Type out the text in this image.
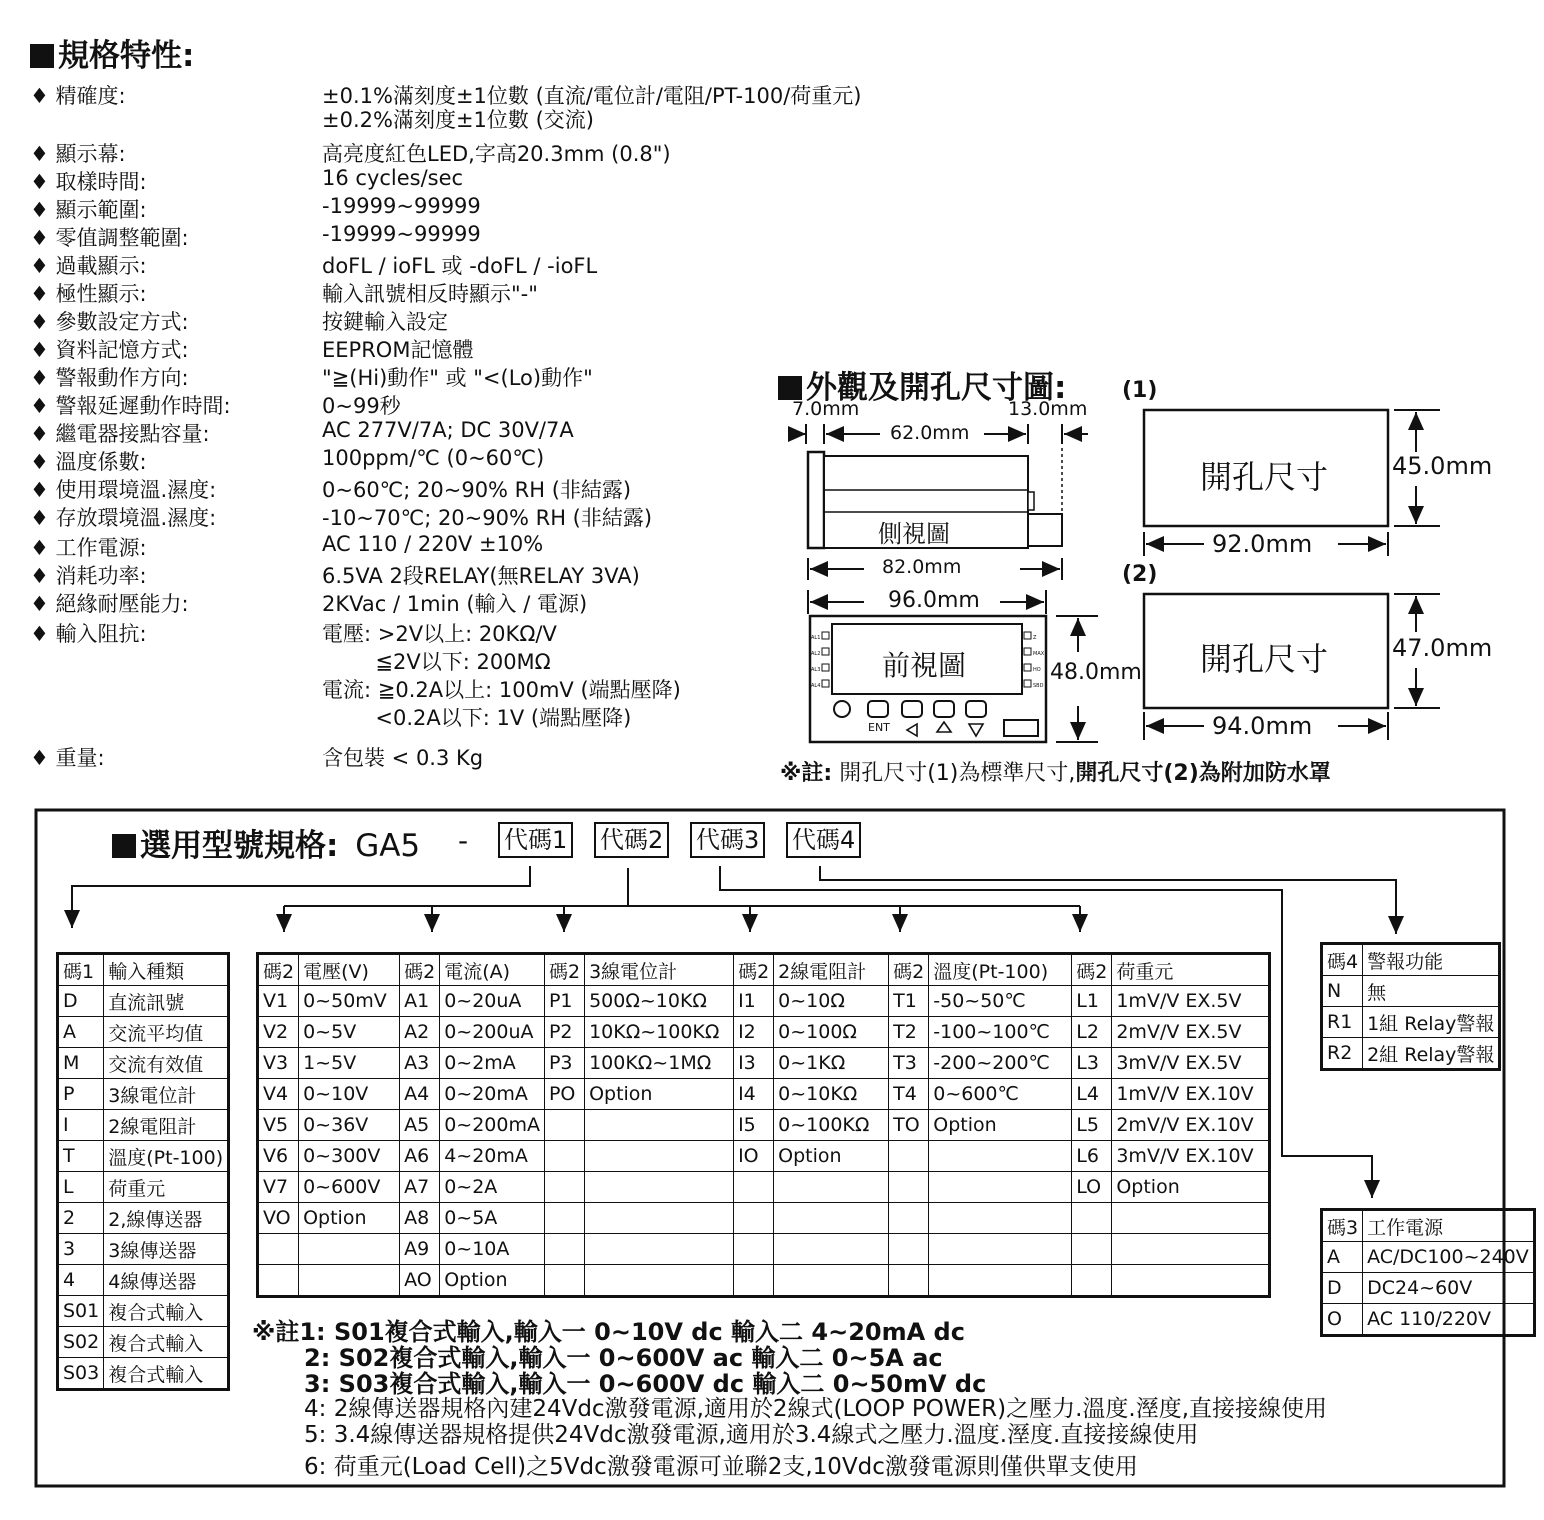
規格特性:
♦ 精確度:	±0.1%滿刻度±1位數 (直流/電位計/電阻/PT-100/荷重元)
±0.2%滿刻度±1位數 (交流)
♦ 顯示幕:	高亮度紅色LED,字高20.3mm (0.8")
♦ 取樣時間:	16 cycles/sec
♦ 顯示範圍:	-19999~99999
♦ 零值調整範圍:	-19999~99999
♦ 過載顯示:	doFL / ioFL 或 -doFL / -ioFL
♦ 極性顯示:	輸入訊號相反時顯示"-"
♦ 參數設定方式:	按鍵輸入設定
♦ 資料記憶方式:	EEPROM記憶體
♦ 警報動作方向:	"≧(Hi)動作" 或 "<(Lo)動作"
♦ 警報延遲動作時間:	0~99秒
♦ 繼電器接點容量:	AC 277V/7A; DC 30V/7A
♦ 溫度係數:	100ppm/℃ (0~60℃)
♦ 使用環境溫.濕度:	0~60℃; 20~90% RH (非結露)
♦ 存放環境溫.濕度:	-10~70℃; 20~90% RH (非結露)
♦ 工作電源:	AC 110 / 220V ±10%
♦ 消耗功率:	6.5VA 2段RELAY(無RELAY 3VA)
♦ 絕緣耐壓能力:	2KVac / 1min (輸入 / 電源)
♦ 輸入阻抗:	電壓: >2V以上: 20KΩ/V
≦2V以下: 200MΩ
電流: ≧0.2A以上: 100mV (端點壓降)
<0.2A以下: 1V (端點壓降)
♦ 重量:	含包裝 < 0.3 Kg
外觀及開孔尺寸圖:
7.0mm	13.0mm
62.0mm
側視圖
82.0mm
96.0mm
前視圖	48.0mm
AL1
AL2
AL3
AL4
Z
MAX
HO
SBD
ENT
(1)
(2)
開孔尺寸
開孔尺寸
45.0mm
47.0mm
92.0mm
94.0mm
※註: 開孔尺寸(1)為標準尺寸,開孔尺寸(2)為附加防水罩
選用型號規格: GA5 - 代碼1 代碼2 代碼3 代碼4
碼1	輸入種類
D	直流訊號
A	交流平均值
M	交流有效值
P	3線電位計
I	2線電阻計
T	溫度(Pt-100)
L	荷重元
2	2,線傳送器
3	3線傳送器
4	4線傳送器
S01	複合式輸入
S02	複合式輸入
S03	複合式輸入
碼2	電壓(V)	碼2	電流(A)	碼2	3線電位計	碼2	2線電阻計	碼2	溫度(Pt-100)	碼2	荷重元
V1	0~50mV	A1	0~20uA	P1	500Ω~10KΩ	I1	0~10Ω	T1	-50~50℃	L1	1mV/V EX.5V
V2	0~5V	A2	0~200uA	P2	10KΩ~100KΩ	I2	0~100Ω	T2	-100~100℃	L2	2mV/V EX.5V
V3	1~5V	A3	0~2mA	P3	100KΩ~1MΩ	I3	0~1KΩ	T3	-200~200℃	L3	3mV/V EX.5V
V4	0~10V	A4	0~20mA	PO	Option	I4	0~10KΩ	T4	0~600℃	L4	1mV/V EX.10V
V5	0~36V	A5	0~200mA			I5	0~100KΩ	TO	Option	L5	2mV/V EX.10V
V6	0~300V	A6	4~20mA			IO	Option			L6	3mV/V EX.10V
V7	0~600V	A7	0~2A							LO	Option
VO	Option	A8	0~5A								
		A9	0~10A								
		AO	Option								
碼4	警報功能
N	無
R1	1組 Relay警報
R2	2組 Relay警報
碼3	工作電源
A	AC/DC100~240V
D	DC24~60V
O	AC 110/220V
※註1: S01複合式輸入,輸入一 0~10V dc 輸入二 4~20mA dc
2: S02複合式輸入,輸入一 0~600V ac 輸入二 0~5A ac
3: S03複合式輸入,輸入一 0~600V dc 輸入二 0~50mV dc
4: 2線傳送器規格內建24Vdc激發電源,適用於2線式(LOOP POWER)之壓力.溫度.溼度,直接接線使用
5: 3.4線傳送器規格提供24Vdc激發電源,適用於3.4線式之壓力.溫度.溼度.直接接線使用
6: 荷重元(Load Cell)之5Vdc激發電源可並聯2支,10Vdc激發電源則僅供單支使用
